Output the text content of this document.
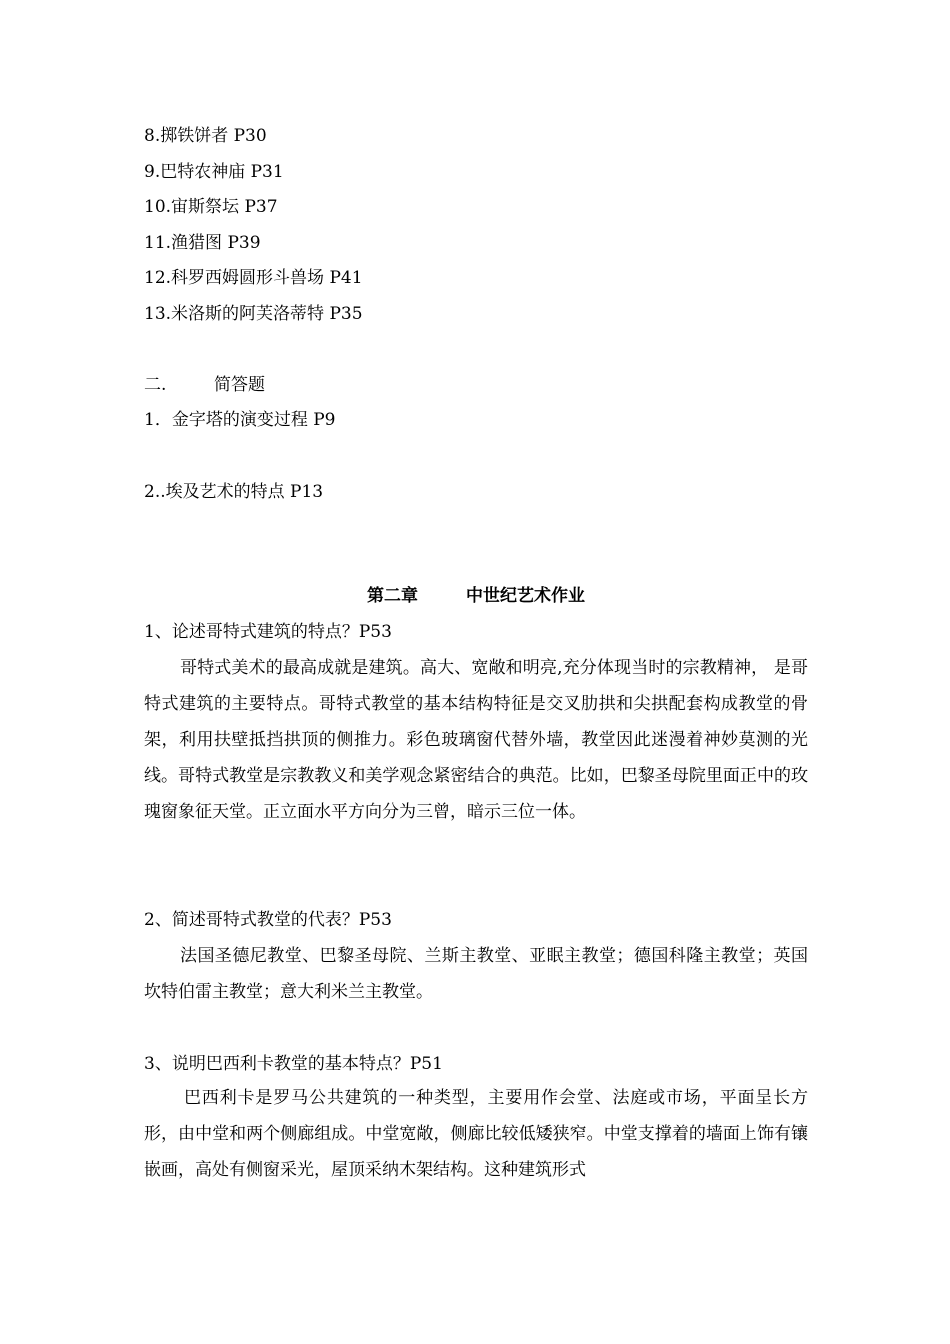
8.掷铁饼者 P30
9.巴特农神庙 P31
10.宙斯祭坛 P37
11.渔猎图 P39
12.科罗西姆圆形斗兽场 P41
13.米洛斯的阿芙洛蒂特 P35
二.	简答题
1．金字塔的演变过程 P9
2..埃及艺术的特点 P13
第二章	中世纪艺术作业
1、论述哥特式建筑的特点？P53
哥特式美术的最高成就是建筑。高大、宽敞和明亮,充分体现当时的宗教精神， 是哥特式建筑的主要特点。哥特式教堂的基本结构特征是交叉肋拱和尖拱配套构成教堂的骨架，利用扶壁抵挡拱顶的侧推力。彩色玻璃窗代替外墙，教堂因此迷漫着神妙莫测的光线。哥特式教堂是宗教教义和美学观念紧密结合的典范。比如，巴黎圣母院里面正中的玫瑰窗象征天堂。正立面水平方向分为三曾，暗示三位一体。
2、简述哥特式教堂的代表？P53
法国圣德尼教堂、巴黎圣母院、兰斯主教堂、亚眠主教堂；德国科隆主教堂；英国坎特伯雷主教堂；意大利米兰主教堂。
3、说明巴西利卡教堂的基本特点？P51
巴西利卡是罗马公共建筑的一种类型，主要用作会堂、法庭或市场，平面呈长方形，由中堂和两个侧廊组成。中堂宽敞，侧廊比较低矮狭窄。中堂支撑着的墙面上饰有镶嵌画，高处有侧窗采光，屋顶采纳木架结构。这种建筑形式
